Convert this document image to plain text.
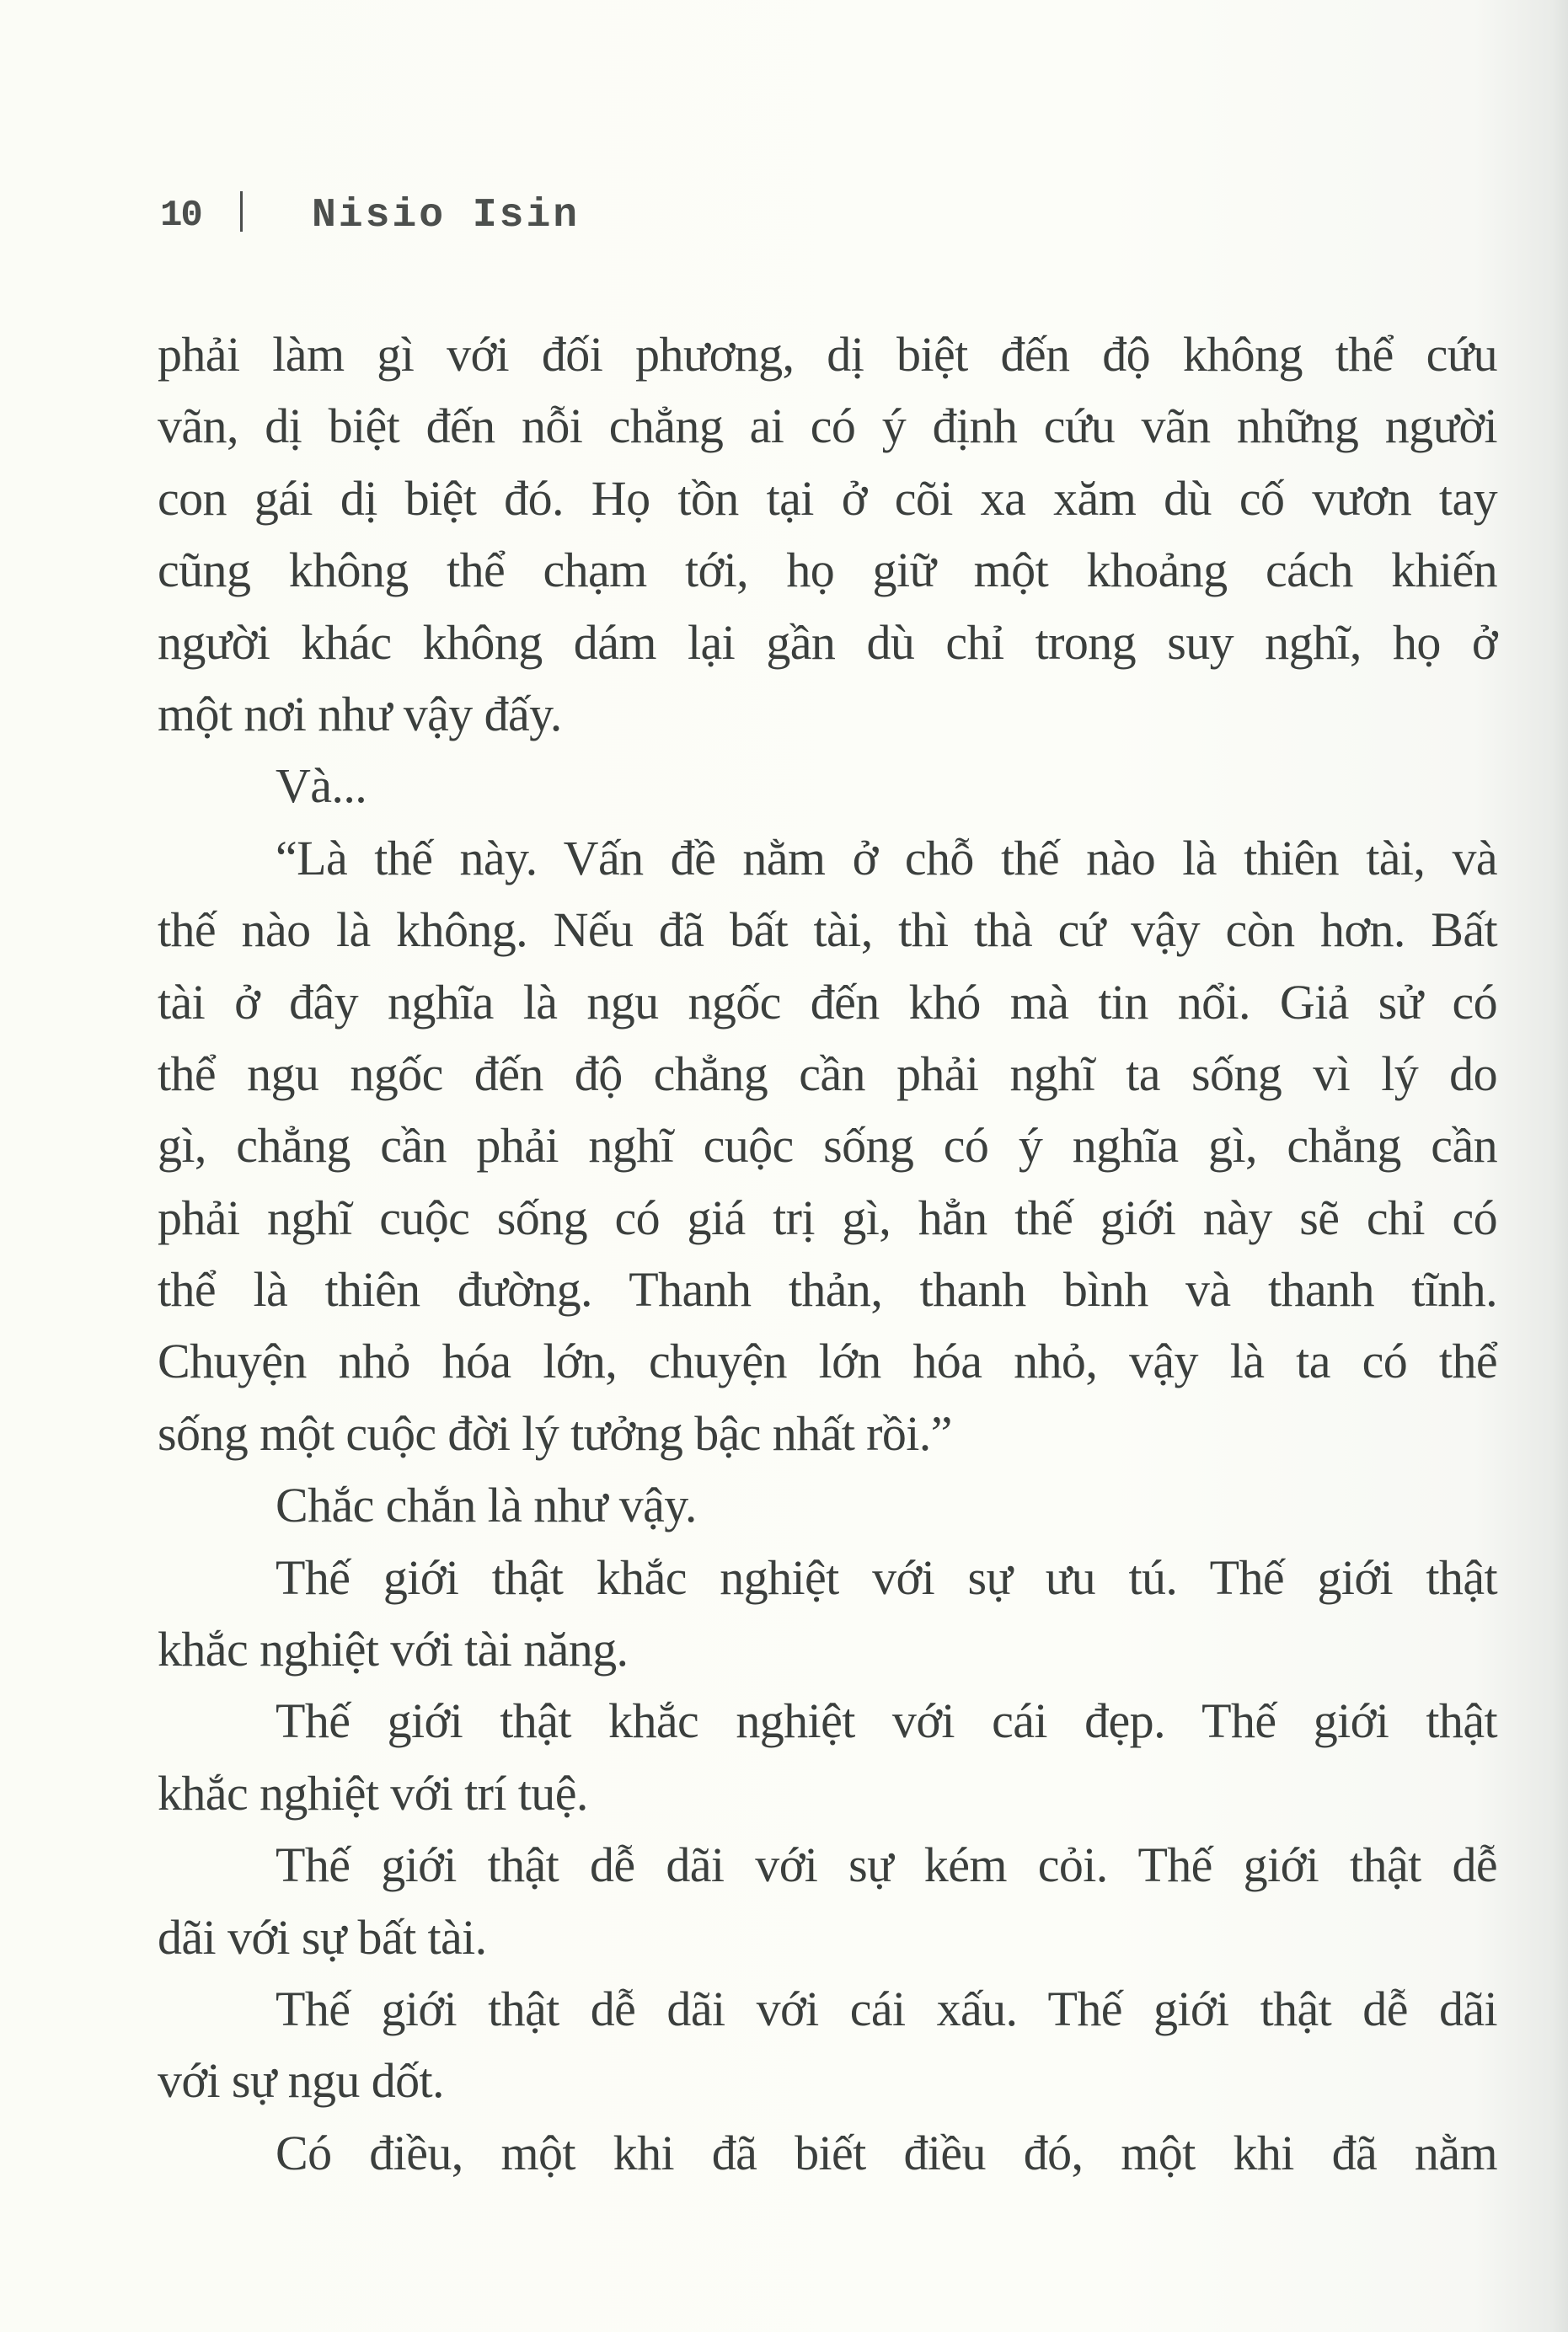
10	Nisio Isin
phải làm gì với đối phương, dị biệt đến độ không thể cứu
vãn, dị biệt đến nỗi chẳng ai có ý định cứu vãn những người
con gái dị biệt đó. Họ tồn tại ở cõi xa xăm dù cố vươn tay
cũng không thể chạm tới, họ giữ một khoảng cách khiến
người khác không dám lại gần dù chỉ trong suy nghĩ, họ ở
một nơi như vậy đấy.
Và...
“Là thế này. Vấn đề nằm ở chỗ thế nào là thiên tài, và
thế nào là không. Nếu đã bất tài, thì thà cứ vậy còn hơn. Bất
tài ở đây nghĩa là ngu ngốc đến khó mà tin nổi. Giả sử có
thể ngu ngốc đến độ chẳng cần phải nghĩ ta sống vì lý do
gì, chẳng cần phải nghĩ cuộc sống có ý nghĩa gì, chẳng cần
phải nghĩ cuộc sống có giá trị gì, hẳn thế giới này sẽ chỉ có
thể là thiên đường. Thanh thản, thanh bình và thanh tĩnh.
Chuyện nhỏ hóa lớn, chuyện lớn hóa nhỏ, vậy là ta có thể
sống một cuộc đời lý tưởng bậc nhất rồi.”
Chắc chắn là như vậy.
Thế giới thật khắc nghiệt với sự ưu tú. Thế giới thật
khắc nghiệt với tài năng.
Thế giới thật khắc nghiệt với cái đẹp. Thế giới thật
khắc nghiệt với trí tuệ.
Thế giới thật dễ dãi với sự kém cỏi. Thế giới thật dễ
dãi với sự bất tài.
Thế giới thật dễ dãi với cái xấu. Thế giới thật dễ dãi
với sự ngu dốt.
Có điều, một khi đã biết điều đó, một khi đã nằm
